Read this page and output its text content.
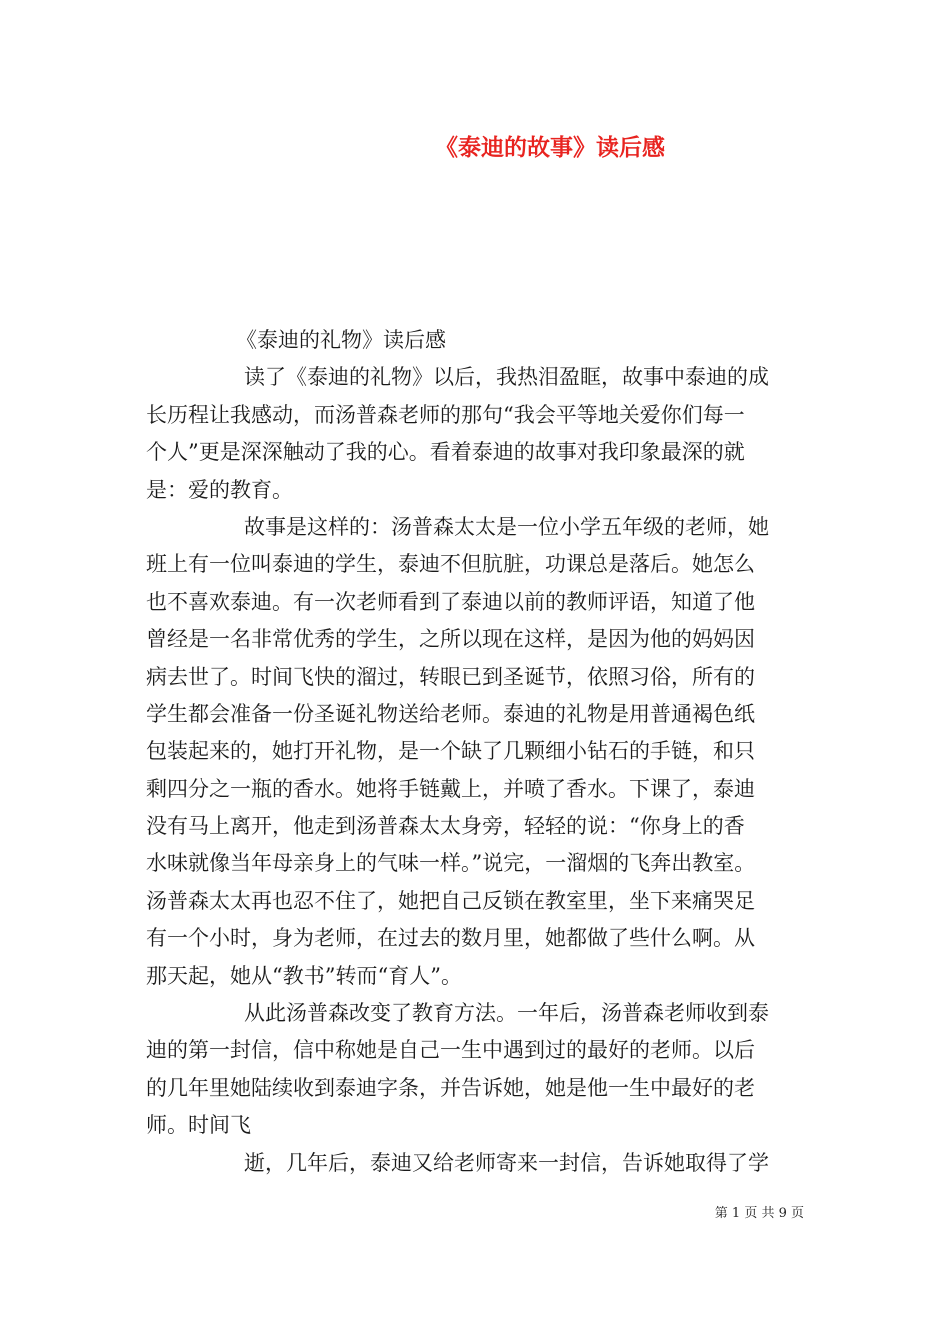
《泰迪的故事》读后感
《泰迪的礼物》读后感
读了《泰迪的礼物》以后，我热泪盈眶，故事中泰迪的成
长历程让我感动，而汤普森老师的那句“我会平等地关爱你们每一
个人”更是深深触动了我的心。看着泰迪的故事对我印象最深的就
是：爱的教育。
故事是这样的：汤普森太太是一位小学五年级的老师，她
班上有一位叫泰迪的学生，泰迪不但肮脏，功课总是落后。她怎么
也不喜欢泰迪。有一次老师看到了泰迪以前的教师评语，知道了他
曾经是一名非常优秀的学生，之所以现在这样，是因为他的妈妈因
病去世了。时间飞快的溜过，转眼已到圣诞节，依照习俗，所有的
学生都会准备一份圣诞礼物送给老师。泰迪的礼物是用普通褐色纸
包装起来的，她打开礼物，是一个缺了几颗细小钻石的手链，和只
剩四分之一瓶的香水。她将手链戴上，并喷了香水。下课了，泰迪
没有马上离开，他走到汤普森太太身旁，轻轻的说：“你身上的香
水味就像当年母亲身上的气味一样。”说完，一溜烟的飞奔出教室。
汤普森太太再也忍不住了，她把自己反锁在教室里，坐下来痛哭足
有一个小时，身为老师，在过去的数月里，她都做了些什么啊。从
那天起，她从“教书”转而“育人”。
从此汤普森改变了教育方法。一年后，汤普森老师收到泰
迪的第一封信，信中称她是自己一生中遇到过的最好的老师。以后
的几年里她陆续收到泰迪字条，并告诉她，她是他一生中最好的老
师。时间飞
逝，几年后，泰迪又给老师寄来一封信，告诉她取得了学
第 1 页 共 9 页
